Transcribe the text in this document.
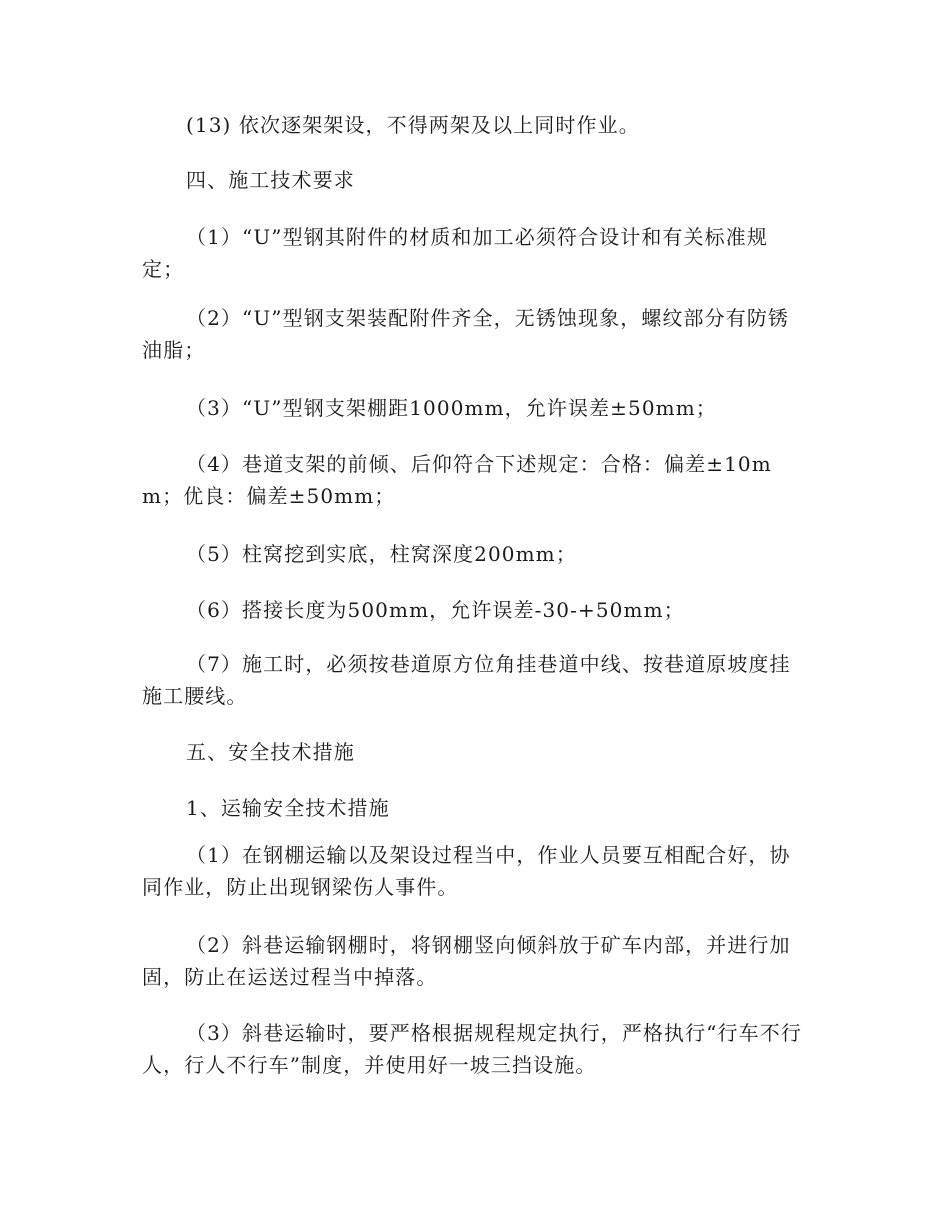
(13) 依次逐架架设，不得两架及以上同时作业。

四、施工技术要求

（1）“U”型钢其附件的材质和加工必须符合设计和有关标准规定；

（2）“U”型钢支架装配附件齐全，无锈蚀现象，螺纹部分有防锈油脂；

（3）“U”型钢支架棚距1000mm，允许误差±50mm；

（4）巷道支架的前倾、后仰符合下述规定：合格：偏差±10mm；优良：偏差±50mm；

（5）柱窝挖到实底，柱窝深度200mm；

（6）搭接长度为500mm，允许误差-30-+50mm；

（7）施工时，必须按巷道原方位角挂巷道中线、按巷道原坡度挂施工腰线。

五、安全技术措施

1、运输安全技术措施

（1）在钢棚运输以及架设过程当中，作业人员要互相配合好，协同作业，防止出现钢梁伤人事件。

（2）斜巷运输钢棚时，将钢棚竖向倾斜放于矿车内部，并进行加固，防止在运送过程当中掉落。

（3）斜巷运输时，要严格根据规程规定执行，严格执行“行车不行人，行人不行车”制度，并使用好一坡三挡设施。
